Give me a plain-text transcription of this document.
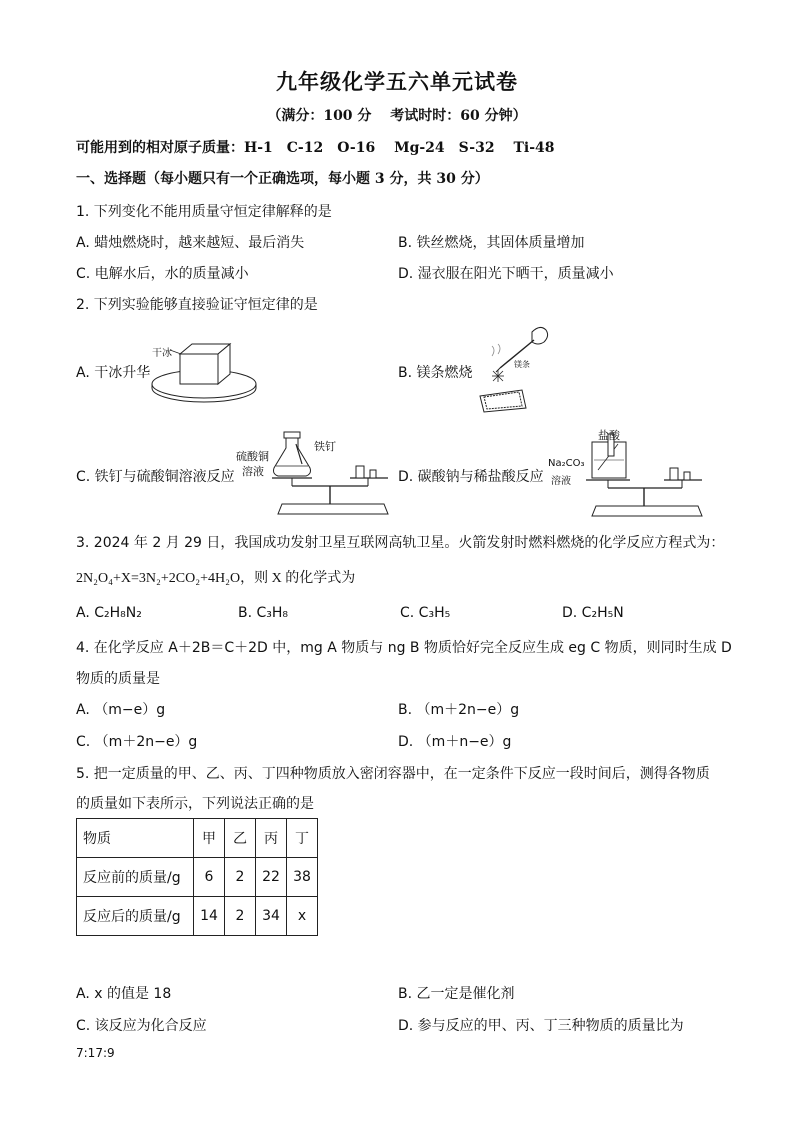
九年级化学五六单元试卷
（满分：100 分　 考试时时：60 分钟）
可能用到的相对原子质量：H-1　C-12　O-16　 Mg-24　S-32　 Ti-48
一、选择题（每小题只有一个正确选项，每小题 3 分，共 30 分）
1. 下列变化不能用质量守恒定律解释的是
A. 蜡烛燃烧时，越来越短、最后消失	B. 铁丝燃烧，其固体质量增加
C. 电解水后，水的质量减小	D. 湿衣服在阳光下晒干，质量减小
2. 下列实验能够直接验证守恒定律的是
A. 干冰升华
干冰
B. 镁条燃烧
镁条
C. 铁钉与硫酸铜溶液反应
硫酸铜
溶液
铁钉
D. 碳酸钠与稀盐酸反应
盐酸
Na₂CO₃
溶液
3. 2024 年 2 月 29 日，我国成功发射卫星互联网高轨卫星。火箭发射时燃料燃烧的化学反应方程式为：
2N₂O₄+X=3N₂+2CO₂+4H₂O，则 X 的化学式为
A. C₂H₈N₂	B. C₃H₈	C. C₃H₅	D. C₂H₅N
4. 在化学反应 A＋2B＝C＋2D 中，mg A 物质与 ng B 物质恰好完全反应生成 eg C 物质，则同时生成 D
物质的质量是
A. （m−e）g	B. （m＋2n−e）g
C. （m＋2n−e）g	D. （m＋n−e）g
5. 把一定质量的甲、乙、丙、丁四种物质放入密闭容器中，在一定条件下反应一段时间后，测得各物质
的质量如下表所示，下列说法正确的是
物质	甲	乙	丙	丁
反应前的质量/g	6	2	22	38
反应后的质量/g	14	2	34	x
A. x 的值是 18	B. 乙一定是催化剂
C. 该反应为化合反应	D. 参与反应的甲、丙、丁三种物质的质量比为
7:17:9
